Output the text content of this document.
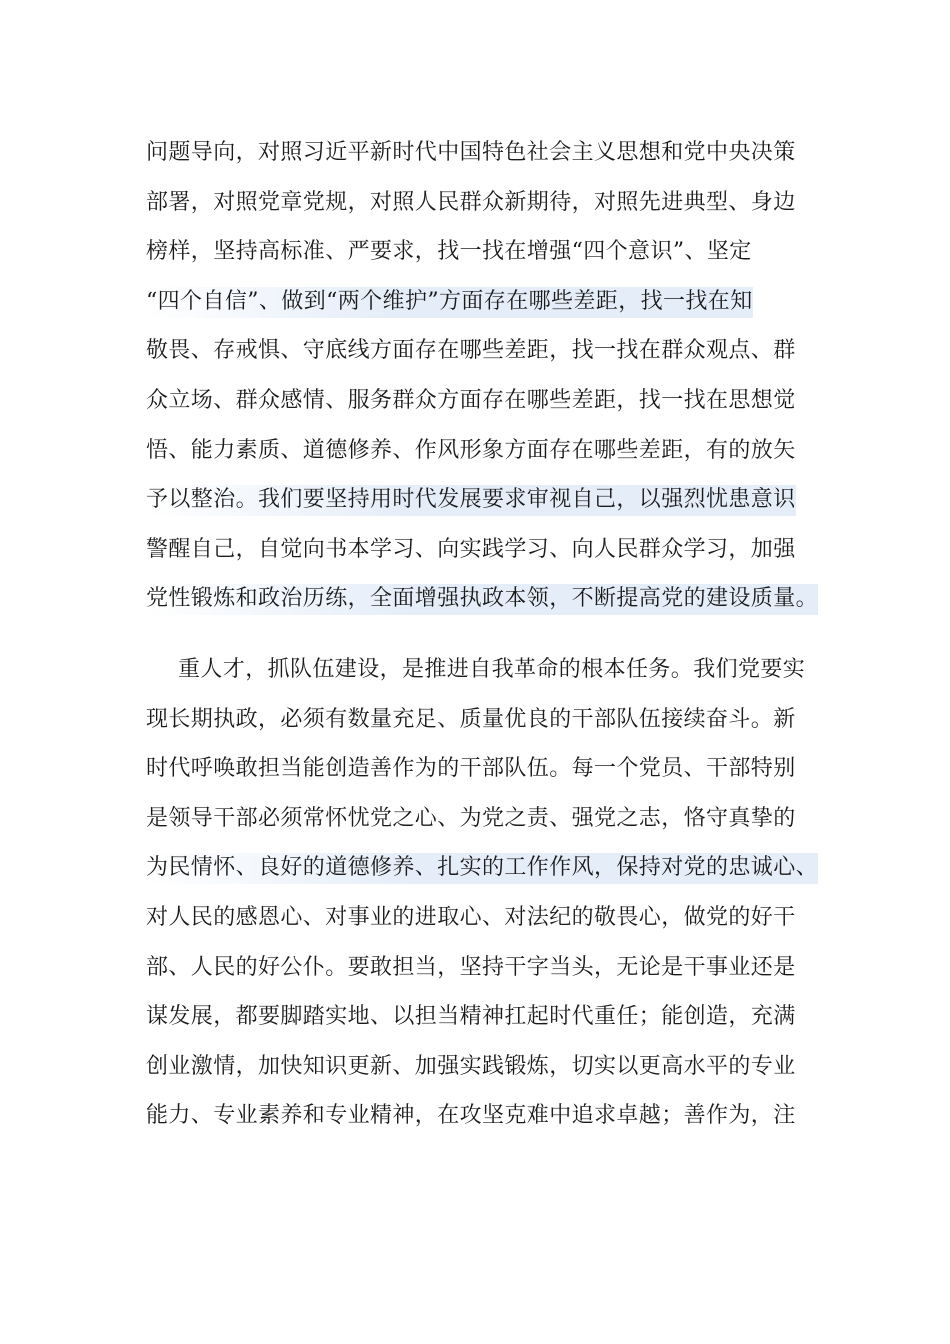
问题导向，对照习近平新时代中国特色社会主义思想和党中央决策
部署，对照党章党规，对照人民群众新期待，对照先进典型、身边
榜样，坚持高标准、严要求，找一找在增强“四个意识”、坚定
“四个自信”、做到“两个维护”方面存在哪些差距，找一找在知
敬畏、存戒惧、守底线方面存在哪些差距，找一找在群众观点、群
众立场、群众感情、服务群众方面存在哪些差距，找一找在思想觉
悟、能力素质、道德修养、作风形象方面存在哪些差距，有的放矢
予以整治。我们要坚持用时代发展要求审视自己，以强烈忧患意识
警醒自己，自觉向书本学习、向实践学习、向人民群众学习，加强
党性锻炼和政治历练，全面增强执政本领，不断提高党的建设质量。
重人才，抓队伍建设，是推进自我革命的根本任务。我们党要实
现长期执政，必须有数量充足、质量优良的干部队伍接续奋斗。新
时代呼唤敢担当能创造善作为的干部队伍。每一个党员、干部特别
是领导干部必须常怀忧党之心、为党之责、强党之志，恪守真挚的
为民情怀、良好的道德修养、扎实的工作作风，保持对党的忠诚心、
对人民的感恩心、对事业的进取心、对法纪的敬畏心，做党的好干
部、人民的好公仆。要敢担当，坚持干字当头，无论是干事业还是
谋发展，都要脚踏实地、以担当精神扛起时代重任；能创造，充满
创业激情，加快知识更新、加强实践锻炼，切实以更高水平的专业
能力、专业素养和专业精神，在攻坚克难中追求卓越；善作为，注
